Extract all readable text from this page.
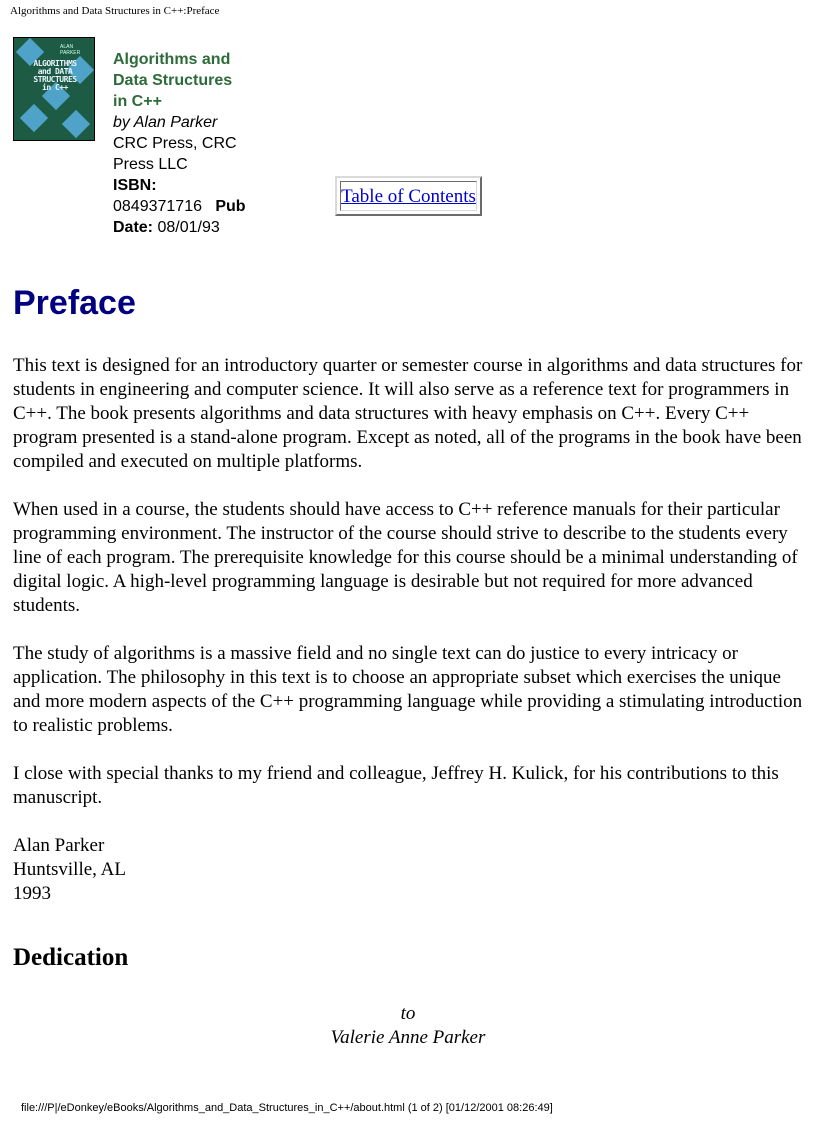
Algorithms and Data Structures in C++:Preface
ALAN PARKER
ALGORITHMS
and DATA
STRUCTURES
in C++
Algorithms and Data Structures in C++
by Alan Parker
CRC Press, CRC Press LLC
ISBN: 0849371716 Pub Date: 08/01/93
Table of Contents
Preface

This text is designed for an introductory quarter or semester course in algorithms and data structures for students in engineering and computer science. It will also serve as a reference text for programmers in C++. The book presents algorithms and data structures with heavy emphasis on C++. Every C++ program presented is a stand-alone program. Except as noted, all of the programs in the book have been compiled and executed on multiple platforms.

When used in a course, the students should have access to C++ reference manuals for their particular programming environment. The instructor of the course should strive to describe to the students every line of each program. The prerequisite knowledge for this course should be a minimal understanding of digital logic. A high-level programming language is desirable but not required for more advanced students.

The study of algorithms is a massive field and no single text can do justice to every intricacy or application. The philosophy in this text is to choose an appropriate subset which exercises the unique and more modern aspects of the C++ programming language while providing a stimulating introduction to realistic problems.

I close with special thanks to my friend and colleague, Jeffrey H. Kulick, for his contributions to this manuscript.

Alan Parker
Huntsville, AL
1993
Dedication
to
Valerie Anne Parker
file:///P|/eDonkey/eBooks/Algorithms_and_Data_Structures_in_C++/about.html (1 of 2) [01/12/2001 08:26:49]
